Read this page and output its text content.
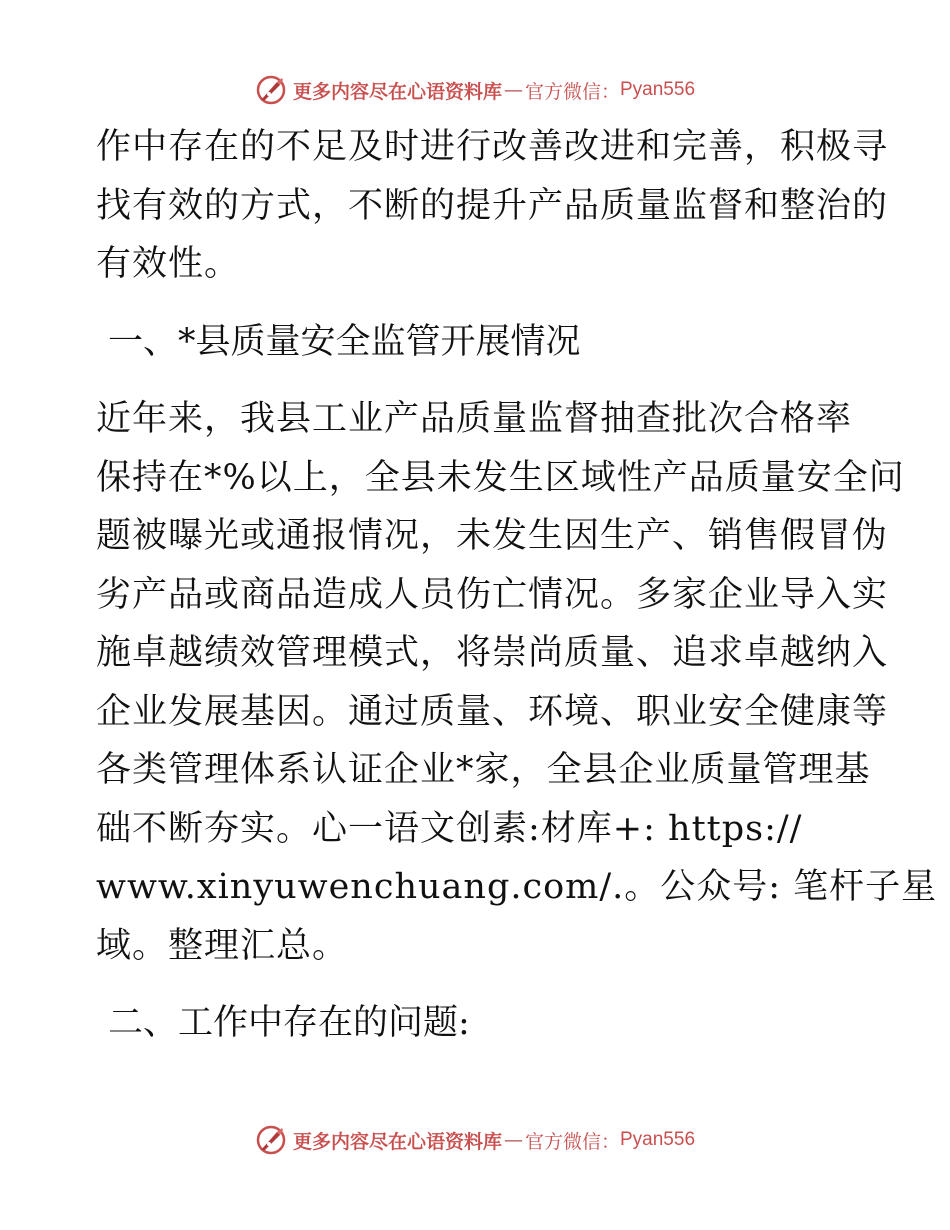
更多内容尽在心语资料库 — 官方微信： Pyan556
作中存在的不足及时进行改善改进和完善，积极寻
找有效的方式，不断的提升产品质量监督和整治的
有效性。
一、*县质量安全监管开展情况
近年来，我县工业产品质量监督抽查批次合格率
保持在*%以上，全县未发生区域性产品质量安全问
题被曝光或通报情况，未发生因生产、销售假冒伪
劣产品或商品造成人员伤亡情况。多家企业导入实
施卓越绩效管理模式，将崇尚质量、追求卓越纳入
企业发展基因。通过质量、环境、职业安全健康等
各类管理体系认证企业*家，全县企业质量管理基
础不断夯实。心一语文创素:材库+: https://
www.xinyuwenchuang.com/.。公众号: 笔杆子星
域。整理汇总。
二、工作中存在的问题:
更多内容尽在心语资料库 — 官方微信： Pyan556
